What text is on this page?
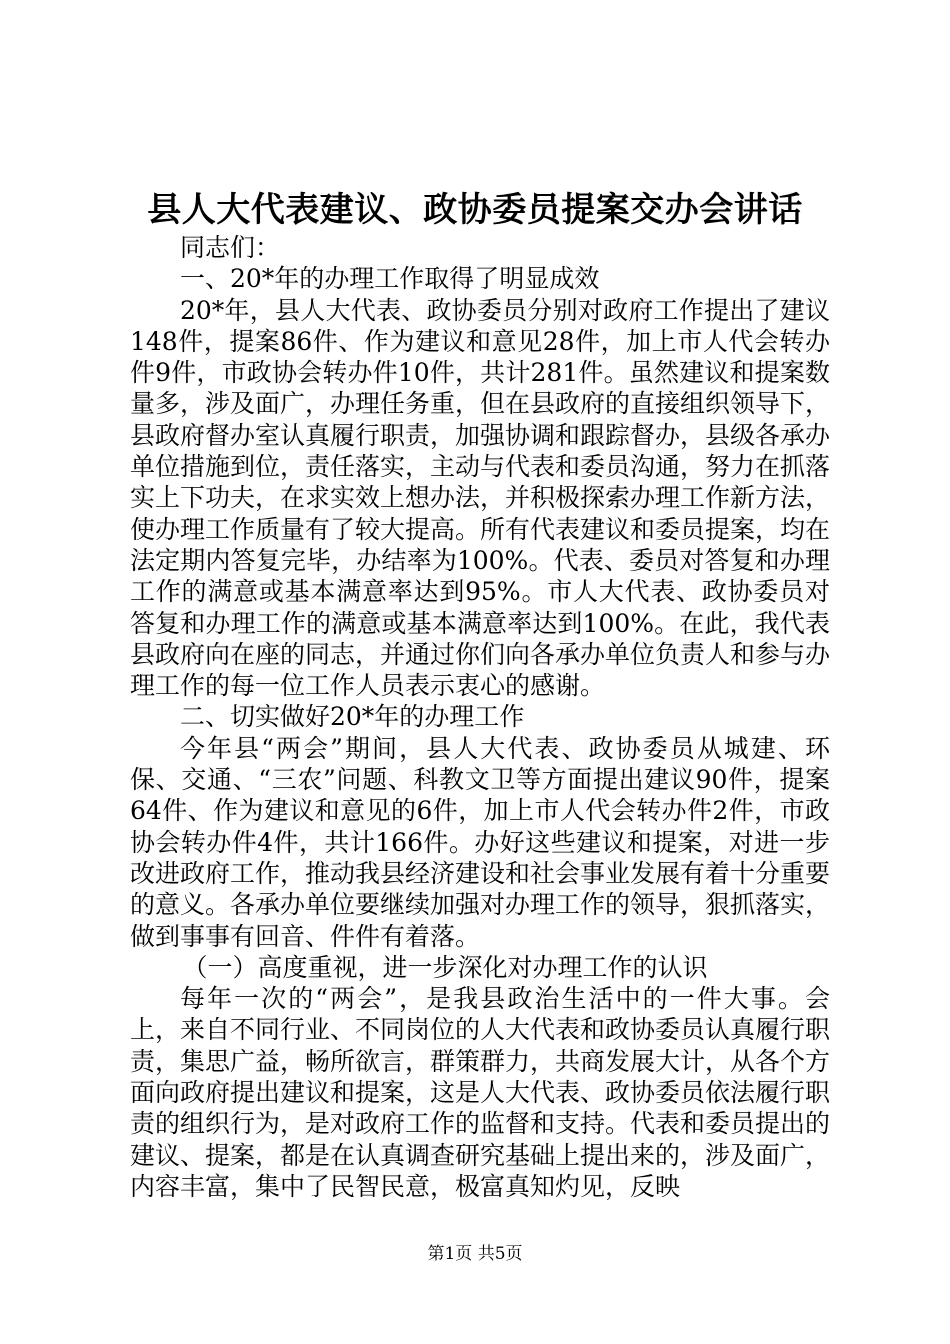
县人大代表建议、政协委员提案交办会讲话

同志们：

一、20*年的办理工作取得了明显成效

20*年，县人大代表、政协委员分别对政府工作提出了建议148件，提案86件、作为建议和意见28件，加上市人代会转办件9件，市政协会转办件10件，共计281件。虽然建议和提案数量多，涉及面广，办理任务重，但在县政府的直接组织领导下，县政府督办室认真履行职责，加强协调和跟踪督办，县级各承办单位措施到位，责任落实，主动与代表和委员沟通，努力在抓落实上下功夫，在求实效上想办法，并积极探索办理工作新方法，使办理工作质量有了较大提高。所有代表建议和委员提案，均在法定期内答复完毕，办结率为100%。代表、委员对答复和办理工作的满意或基本满意率达到95%。市人大代表、政协委员对答复和办理工作的满意或基本满意率达到100%。在此，我代表县政府向在座的同志，并通过你们向各承办单位负责人和参与办理工作的每一位工作人员表示衷心的感谢。

二、切实做好20*年的办理工作

今年县“两会”期间，县人大代表、政协委员从城建、环保、交通、“三农”问题、科教文卫等方面提出建议90件，提案64件、作为建议和意见的6件，加上市人代会转办件2件，市政协会转办件4件，共计166件。办好这些建议和提案，对进一步改进政府工作，推动我县经济建设和社会事业发展有着十分重要的意义。各承办单位要继续加强对办理工作的领导，狠抓落实，做到事事有回音、件件有着落。

（一）高度重视，进一步深化对办理工作的认识

每年一次的“两会”，是我县政治生活中的一件大事。会上，来自不同行业、不同岗位的人大代表和政协委员认真履行职责，集思广益，畅所欲言，群策群力，共商发展大计，从各个方面向政府提出建议和提案，这是人大代表、政协委员依法履行职责的组织行为，是对政府工作的监督和支持。代表和委员提出的建议、提案，都是在认真调查研究基础上提出来的，涉及面广，内容丰富，集中了民智民意，极富真知灼见，反映

第1页 共5页
